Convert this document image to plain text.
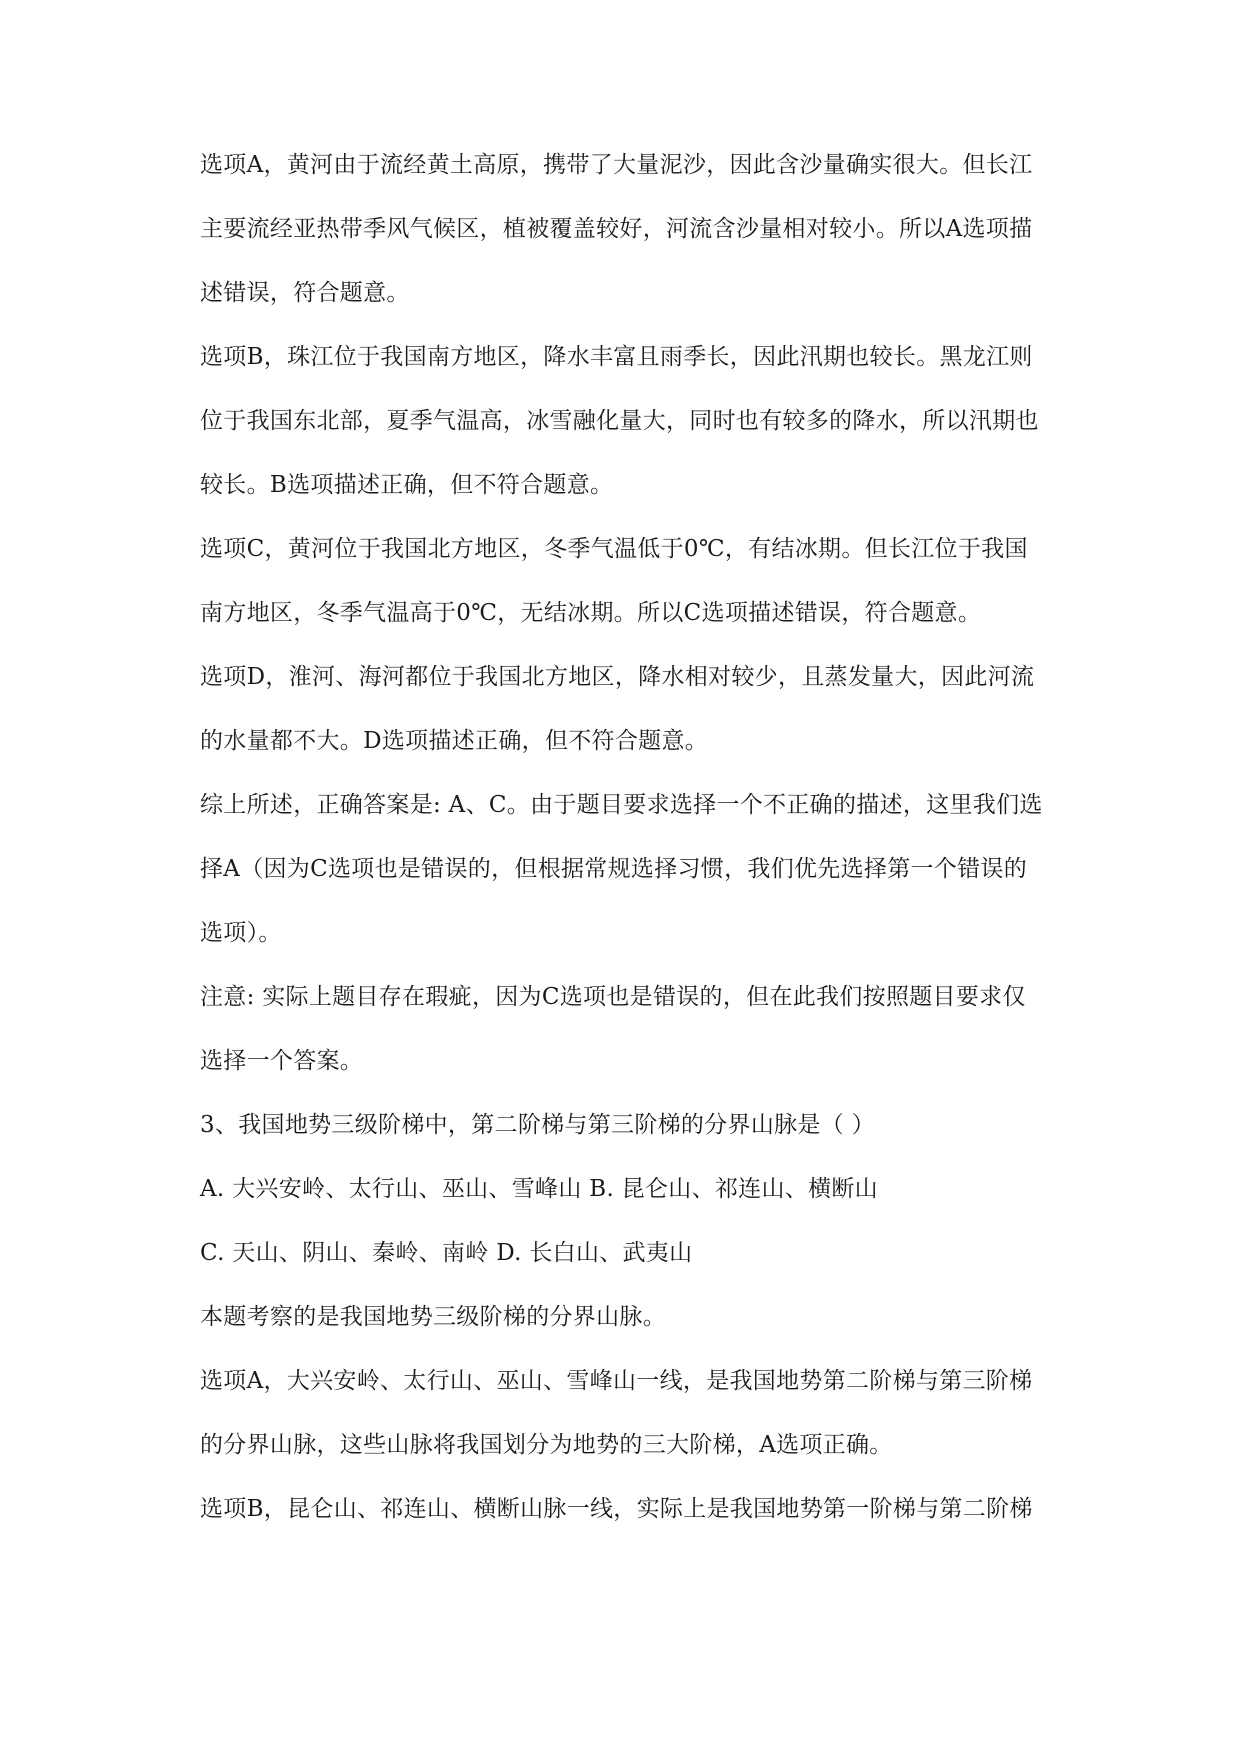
选项A，黄河由于流经黄土高原，携带了大量泥沙，因此含沙量确实很大。但长江
主要流经亚热带季风气候区，植被覆盖较好，河流含沙量相对较小。所以A选项描
述错误，符合题意。
选项B，珠江位于我国南方地区，降水丰富且雨季长，因此汛期也较长。黑龙江则
位于我国东北部，夏季气温高，冰雪融化量大，同时也有较多的降水，所以汛期也
较长。B选项描述正确，但不符合题意。
选项C，黄河位于我国北方地区，冬季气温低于0℃，有结冰期。但长江位于我国
南方地区，冬季气温高于0℃，无结冰期。所以C选项描述错误，符合题意。
选项D，淮河、海河都位于我国北方地区，降水相对较少，且蒸发量大，因此河流
的水量都不大。D选项描述正确，但不符合题意。
综上所述，正确答案是: A、C。由于题目要求选择一个不正确的描述，这里我们选
择A（因为C选项也是错误的，但根据常规选择习惯，我们优先选择第一个错误的
选项）。
注意: 实际上题目存在瑕疵，因为C选项也是错误的，但在此我们按照题目要求仅
选择一个答案。
3、我国地势三级阶梯中，第二阶梯与第三阶梯的分界山脉是（ ）
A. 大兴安岭、太行山、巫山、雪峰山 B. 昆仑山、祁连山、横断山
C. 天山、阴山、秦岭、南岭 D. 长白山、武夷山
本题考察的是我国地势三级阶梯的分界山脉。
选项A，大兴安岭、太行山、巫山、雪峰山一线，是我国地势第二阶梯与第三阶梯
的分界山脉，这些山脉将我国划分为地势的三大阶梯，A选项正确。
选项B，昆仑山、祁连山、横断山脉一线，实际上是我国地势第一阶梯与第二阶梯
